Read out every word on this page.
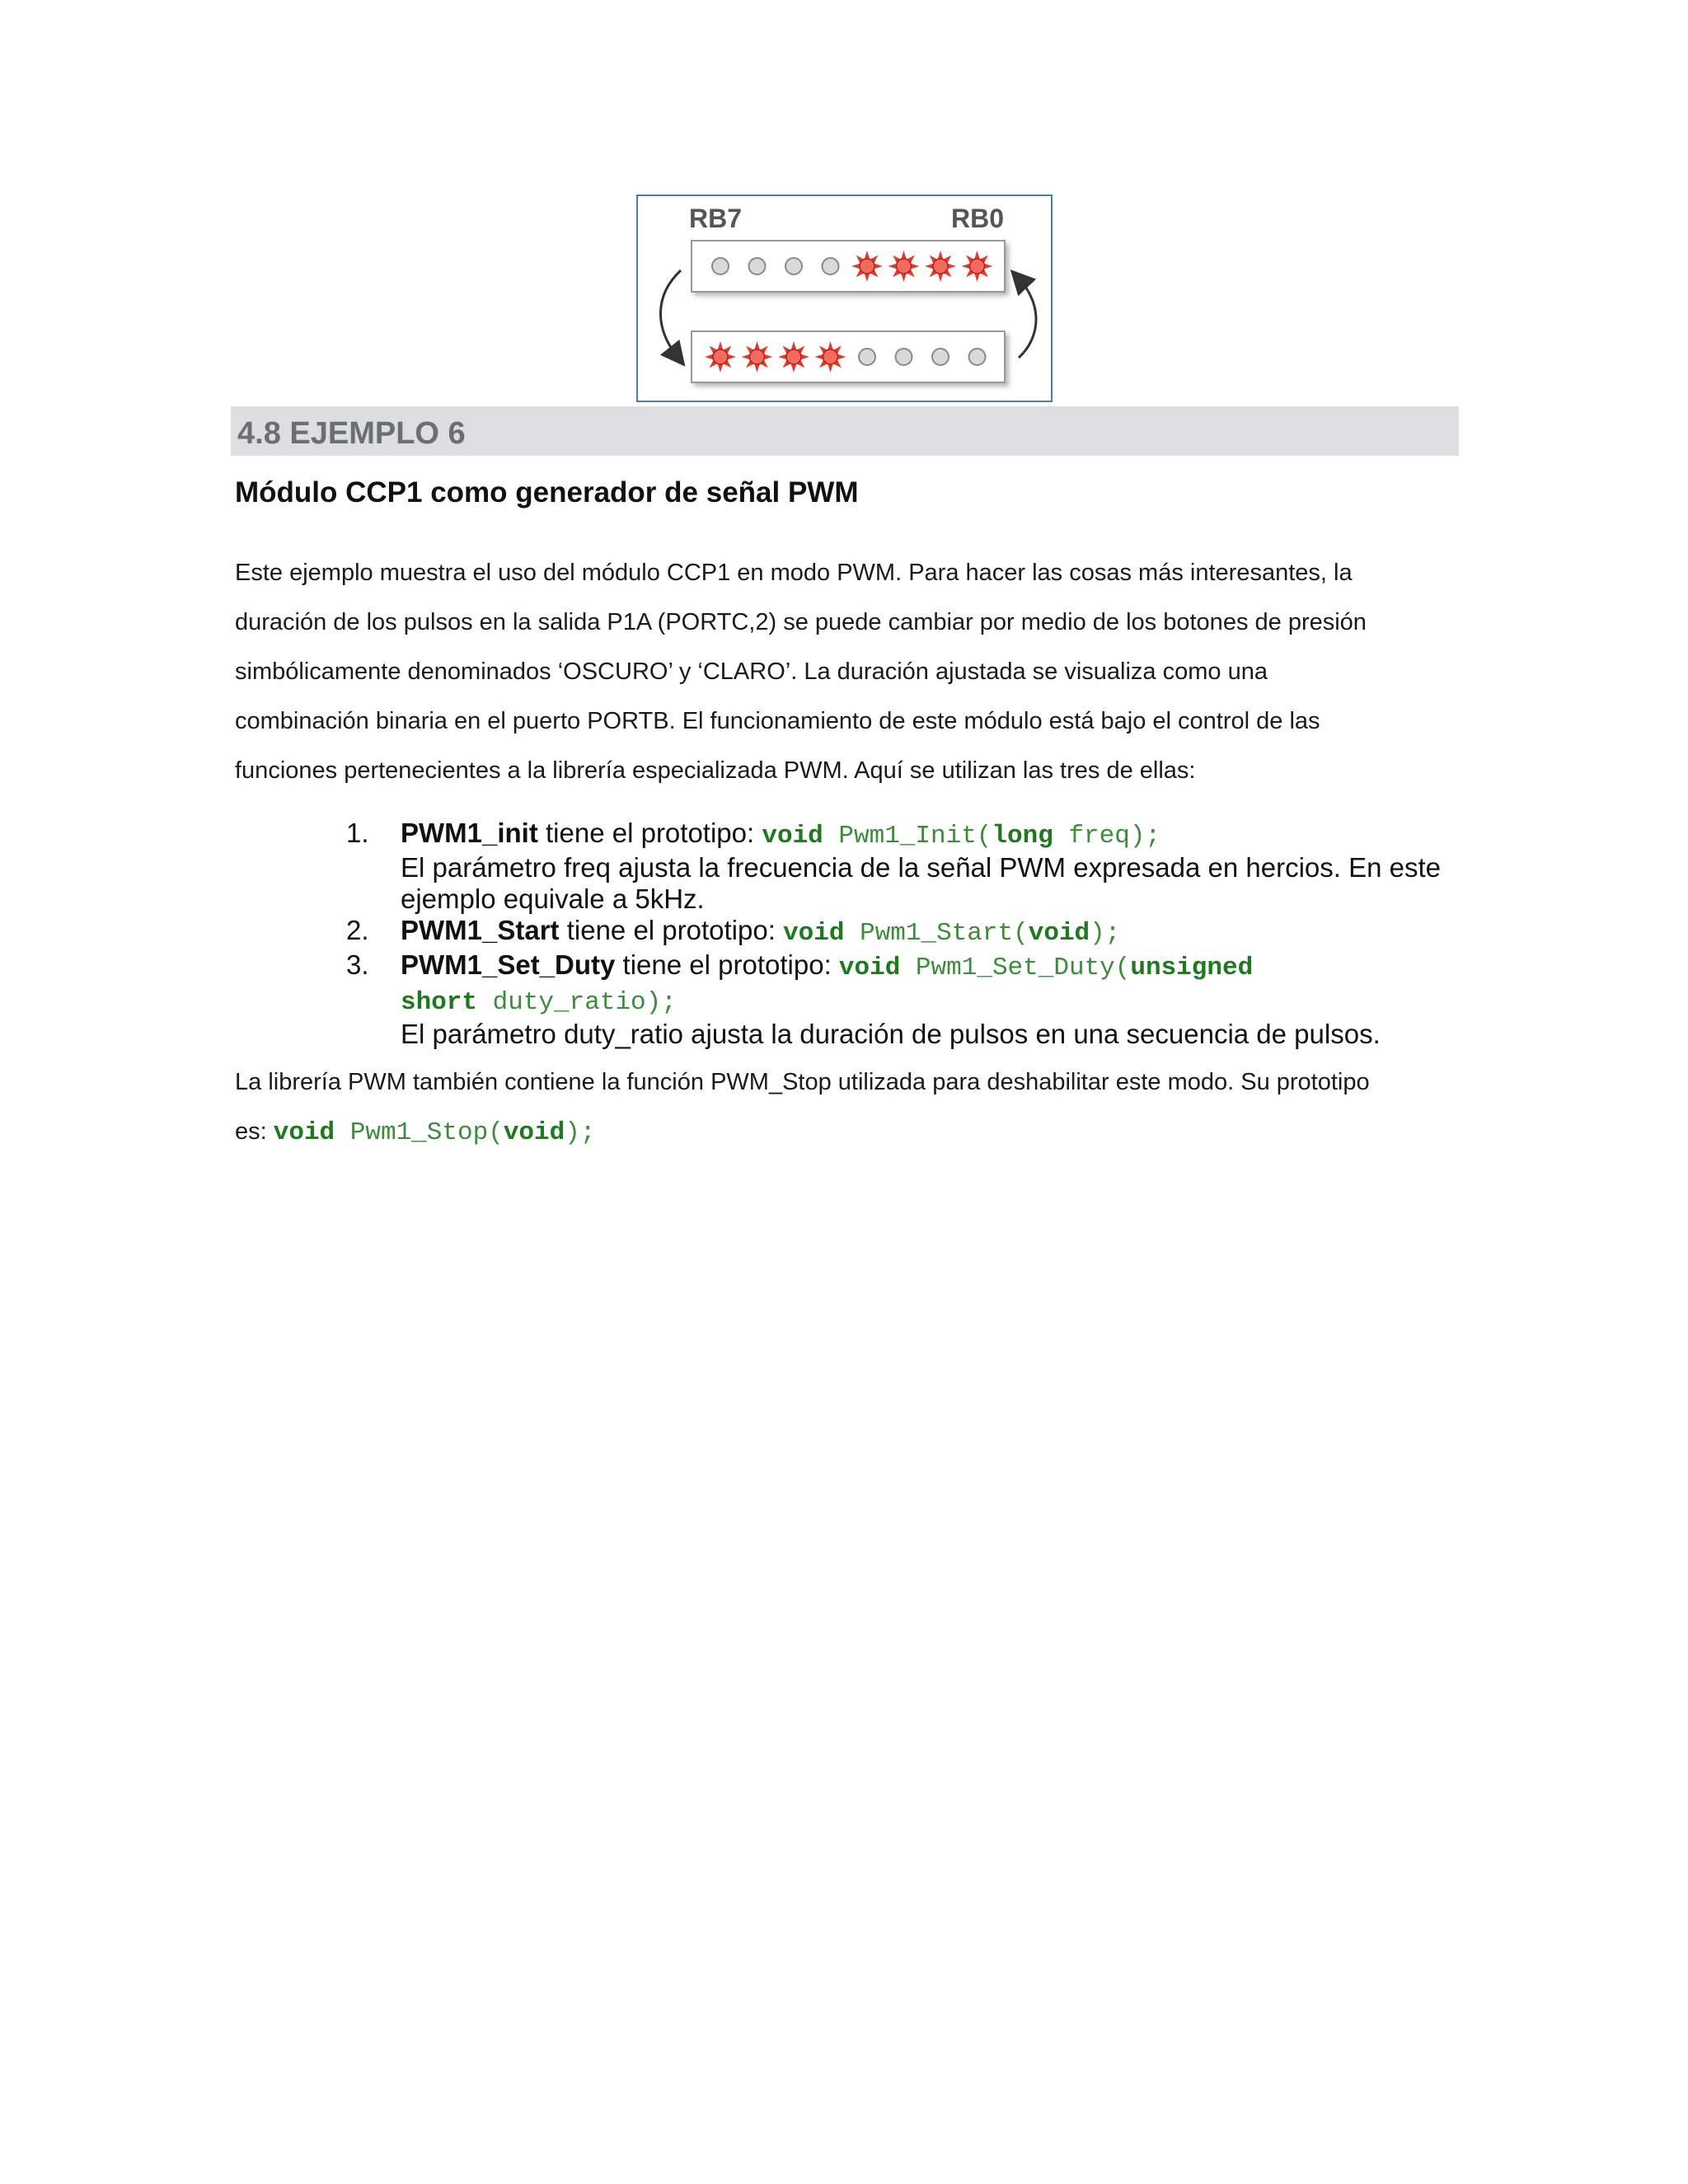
RB7	RB0
4.8 EJEMPLO 6
Módulo CCP1 como generador de señal PWM

Este ejemplo muestra el uso del módulo CCP1 en modo PWM. Para hacer las cosas más interesantes, la

duración de los pulsos en la salida P1A (PORTC,2) se puede cambiar por medio de los botones de presión

simbólicamente denominados ‘OSCURO’ y ‘CLARO’. La duración ajustada se visualiza como una

combinación binaria en el puerto PORTB. El funcionamiento de este módulo está bajo el control de las

funciones pertenecientes a la librería especializada PWM. Aquí se utilizan las tres de ellas:

1. PWM1_init tiene el prototipo: void Pwm1_Init(long freq);
El parámetro freq ajusta la frecuencia de la señal PWM expresada en hercios. En este
ejemplo equivale a 5kHz.
2. PWM1_Start tiene el prototipo: void Pwm1_Start(void);
3. PWM1_Set_Duty tiene el prototipo: void Pwm1_Set_Duty(unsigned
short duty_ratio);
El parámetro duty_ratio ajusta la duración de pulsos en una secuencia de pulsos.

La librería PWM también contiene la función PWM_Stop utilizada para deshabilitar este modo. Su prototipo

es: void Pwm1_Stop(void);
